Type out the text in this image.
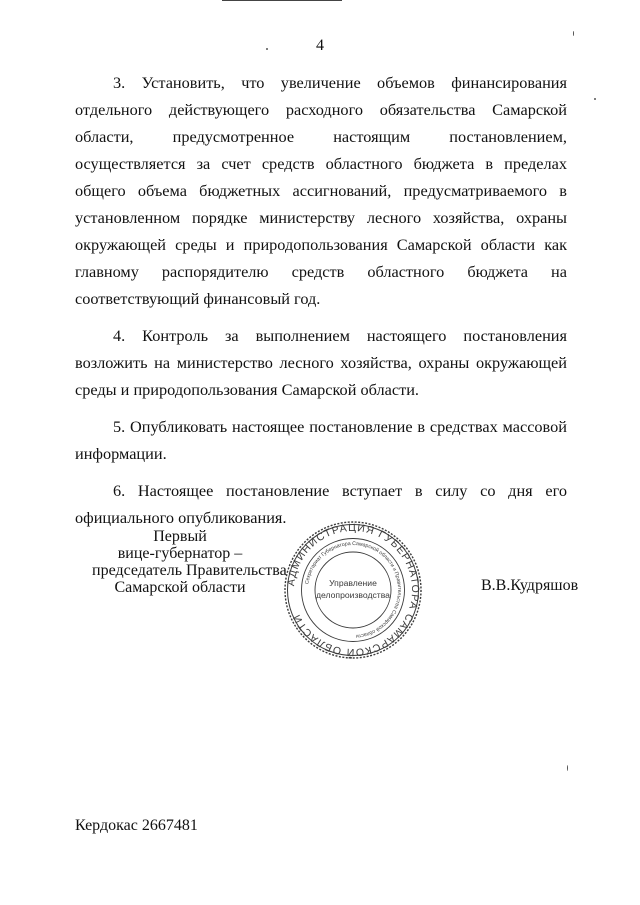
4

3. Установить, что увеличение объемов финансирования отдельного действующего расходного обязательства Самарской области, предусмотренное настоящим постановлением, осуществляется за счет средств областного бюджета в пределах общего объема бюджетных ассигнований, предусматриваемого в установленном порядке министерству лесного хозяйства, охраны окружающей среды и природопользования Самарской области как главному распорядителю средств областного бюджета на соответствующий финансовый год.

4. Контроль за выполнением настоящего постановления возложить на министерство лесного хозяйства, охраны окружающей среды и природопользования Самарской области.

5. Опубликовать настоящее постановление в средствах массовой информации.

6. Настоящее постановление вступает в силу со дня его официального опубликования.

Первый
вице-губернатор –
председатель Правительства
Самарской области	АДМИНИСТРАЦИЯ ГУБЕРНАТОРА САМАРСКОЙ ОБЛАСТИ
Секретариат Губернатора Самарской области и Правительства Самарской области
Управление
делопроизводства
В.В.Кудряшов
Кердокас 2667481
